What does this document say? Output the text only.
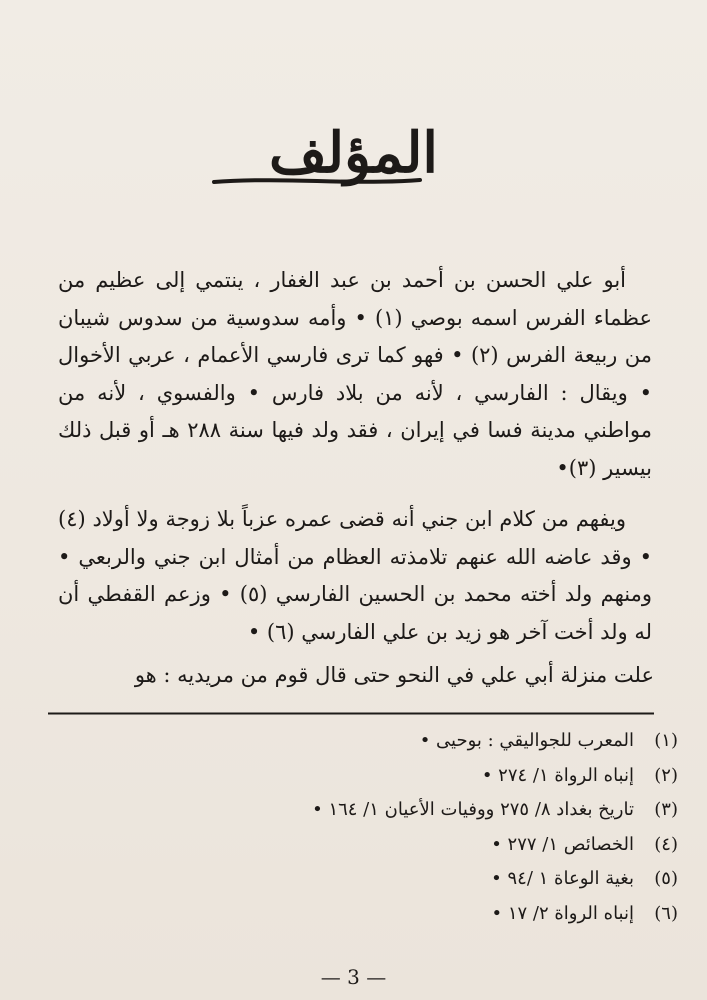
المؤلف

أبو علي الحسن بن أحمد بن عبد الغفار ، ينتمي إلى عظيم من عظماء الفرس اسمه بوصي (١) • وأمه سدوسية من سدوس شيبان من ربيعة الفرس (٢) • فهو كما ترى فارسي الأعمام ، عربي الأخوال • ويقال : الفارسي ، لأنه من بلاد فارس • والفسوي ، لأنه من مواطني مدينة فسا في إيران ، فقد ولد فيها سنة ٢٨٨ هـ أو قبل ذلك بيسير (٣)•

ويفهم من كلام ابن جني أنه قضى عمره عزباً بلا زوجة ولا أولاد (٤) • وقد عاضه الله عنهم تلامذته العظام من أمثال ابن جني والربعي • ومنهم ولد أخته محمد بن الحسين الفارسي (٥) • وزعم القفطي أن له ولد أخت آخر هو زيد بن علي الفارسي (٦) •

علت منزلة أبي علي في النحو حتى قال قوم من مريديه : هو
(١)
المعرب للجواليقي : بوحيى •
(٢)
إنباه الرواة ١/ ٢٧٤ •
(٣)
تاريخ بغداد ٨/ ٢٧٥ ووفيات الأعيان ١/ ١٦٤ •
(٤)
الخصائص ١/ ٢٧٧ •
(٥)
بغية الوعاة ١ /٩٤ •
(٦)
إنباه الرواة ٢/ ١٧ •
— 3 —
